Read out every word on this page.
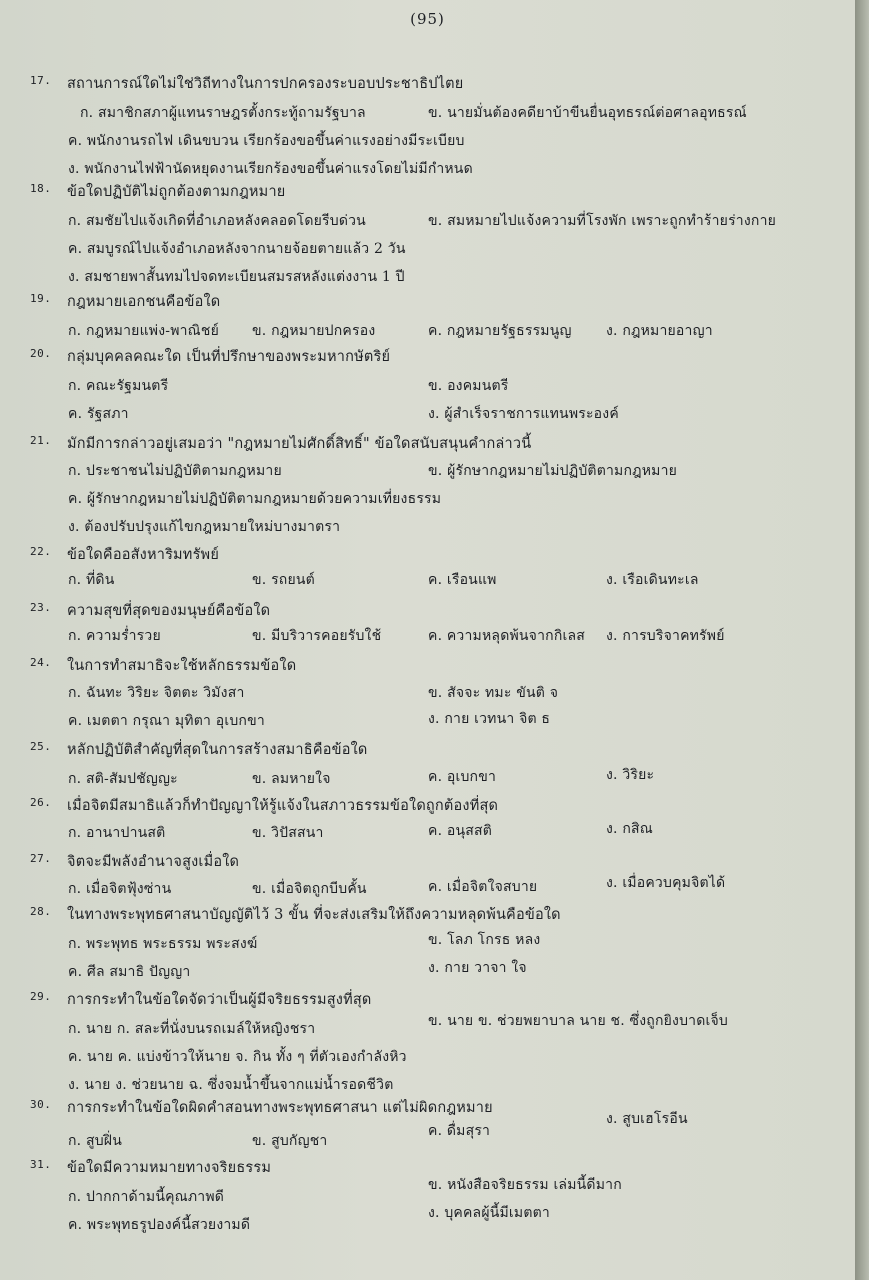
(95)
17. สถานการณ์ใดไม่ใช่วิถีทางในการปกครองระบอบประชาธิปไตย
ก. สมาชิกสภาผู้แทนราษฎรตั้งกระทู้ถามรัฐบาล	ข. นายมั่นต้องคดียาบ้าขีนยื่นอุทธรณ์ต่อศาลอุทธรณ์
ค. พนักงานรถไฟ เดินขบวน เรียกร้องขอขึ้นค่าแรงอย่างมีระเบียบ
ง. พนักงานไฟฟ้านัดหยุดงานเรียกร้องขอขึ้นค่าแรงโดยไม่มีกำหนด
18. ข้อใดปฏิบัติไม่ถูกต้องตามกฎหมาย
ก. สมชัยไปแจ้งเกิดที่อำเภอหลังคลอดโดยรีบด่วน	ข. สมหมายไปแจ้งความที่โรงพัก เพราะถูกทำร้ายร่างกาย
ค. สมบูรณ์ไปแจ้งอำเภอหลังจากนายจ้อยตายแล้ว 2 วัน
ง. สมชายพาสั้นทมไปจดทะเบียนสมรสหลังแต่งงาน 1 ปี
19. กฎหมายเอกชนคือข้อใด
ก. กฎหมายแพ่ง-พาณิชย์ ข. กฎหมายปกครอง	ค. กฎหมายรัฐธรรมนูญ ง. กฎหมายอาญา
20. กลุ่มบุคคลคณะใด เป็นที่ปรึกษาของพระมหากษัตริย์
ก. คณะรัฐมนตรี	ข. องคมนตรี
ค. รัฐสภา	ง. ผู้สำเร็จราชการแทนพระองค์
21. มักมีการกล่าวอยู่เสมอว่า "กฎหมายไม่ศักดิ์สิทธิ์" ข้อใดสนับสนุนคำกล่าวนี้
ก. ประชาชนไม่ปฏิบัติตามกฎหมาย	ข. ผู้รักษากฎหมายไม่ปฏิบัติตามกฎหมาย
ค. ผู้รักษากฎหมายไม่ปฏิบัติตามกฎหมายด้วยความเที่ยงธรรม
ง. ต้องปรับปรุงแก้ไขกฎหมายใหม่บางมาตรา
22. ข้อใดคืออสังหาริมทรัพย์
ก. ที่ดิน	ข. รถยนต์	ค. เรือนแพ	ง. เรือเดินทะเล
23. ความสุขที่สุดของมนุษย์คือข้อใด
ก. ความร่ำรวย	ข. มีบริวารคอยรับใช้	ค. ความหลุดพ้นจากกิเลส ง. การบริจาคทรัพย์
24. ในการทำสมาธิจะใช้หลักธรรมข้อใด
ก. ฉันทะ วิริยะ จิตตะ วิมังสา	ข. สัจจะ ทมะ ขันติ จ
ค. เมตตา กรุณา มุทิตา อุเบกขา	ง. กาย เวทนา จิต ธ
25. หลักปฏิบัติสำคัญที่สุดในการสร้างสมาธิคือข้อใด
ก. สติ-สัมปชัญญะ	ข. ลมหายใจ	ค. อุเบกขา	ง. วิริยะ
26. เมื่อจิตมีสมาธิแล้วก็ทำปัญญาให้รู้แจ้งในสภาวธรรมข้อใดถูกต้องที่สุด
ก. อานาปานสติ	ข. วิปัสสนา	ค. อนุสสติ	ง. กสิณ
27. จิตจะมีพลังอำนาจสูงเมื่อใด
ก. เมื่อจิตฟุ้งซ่าน	ข. เมื่อจิตถูกบีบคั้น	ค. เมื่อจิตใจสบาย	ง. เมื่อควบคุมจิตได้
28. ในทางพระพุทธศาสนาบัญญัติไว้ 3 ขั้น ที่จะส่งเสริมให้ถึงความหลุดพ้นคือข้อใด
ก. พระพุทธ พระธรรม พระสงฆ์	ข. โลภ โกรธ หลง
ค. ศีล สมาธิ ปัญญา	ง. กาย วาจา ใจ
29. การกระทำในข้อใดจัดว่าเป็นผู้มีจริยธรรมสูงที่สุด
ก. นาย ก. สละที่นั่งบนรถเมล์ให้หญิงชรา	ข. นาย ข. ช่วยพยาบาล นาย ช. ซึ่งถูกยิงบาดเจ็บ
ค. นาย ค. แบ่งข้าวให้นาย จ. กิน ทั้ง ๆ ที่ตัวเองกำลังหิว
ง. นาย ง. ช่วยนาย ฉ. ซึ่งจมน้ำขึ้นจากแม่น้ำรอดชีวิต
30. การกระทำในข้อใดผิดคำสอนทางพระพุทธศาสนา แต่ไม่ผิดกฎหมาย
ก. สูบฝิ่น	ข. สูบกัญชา
ค. ดื่มสุรา
ง. สูบเฮโรอีน
31. ข้อใดมีความหมายทางจริยธรรม
ก. ปากกาด้ามนี้คุณภาพดี
ข. หนังสือจริยธรรม เล่มนี้ดีมาก
ค. พระพุทธรูปองค์นี้สวยงามดี
ง. บุคคลผู้นี้มีเมตตา
